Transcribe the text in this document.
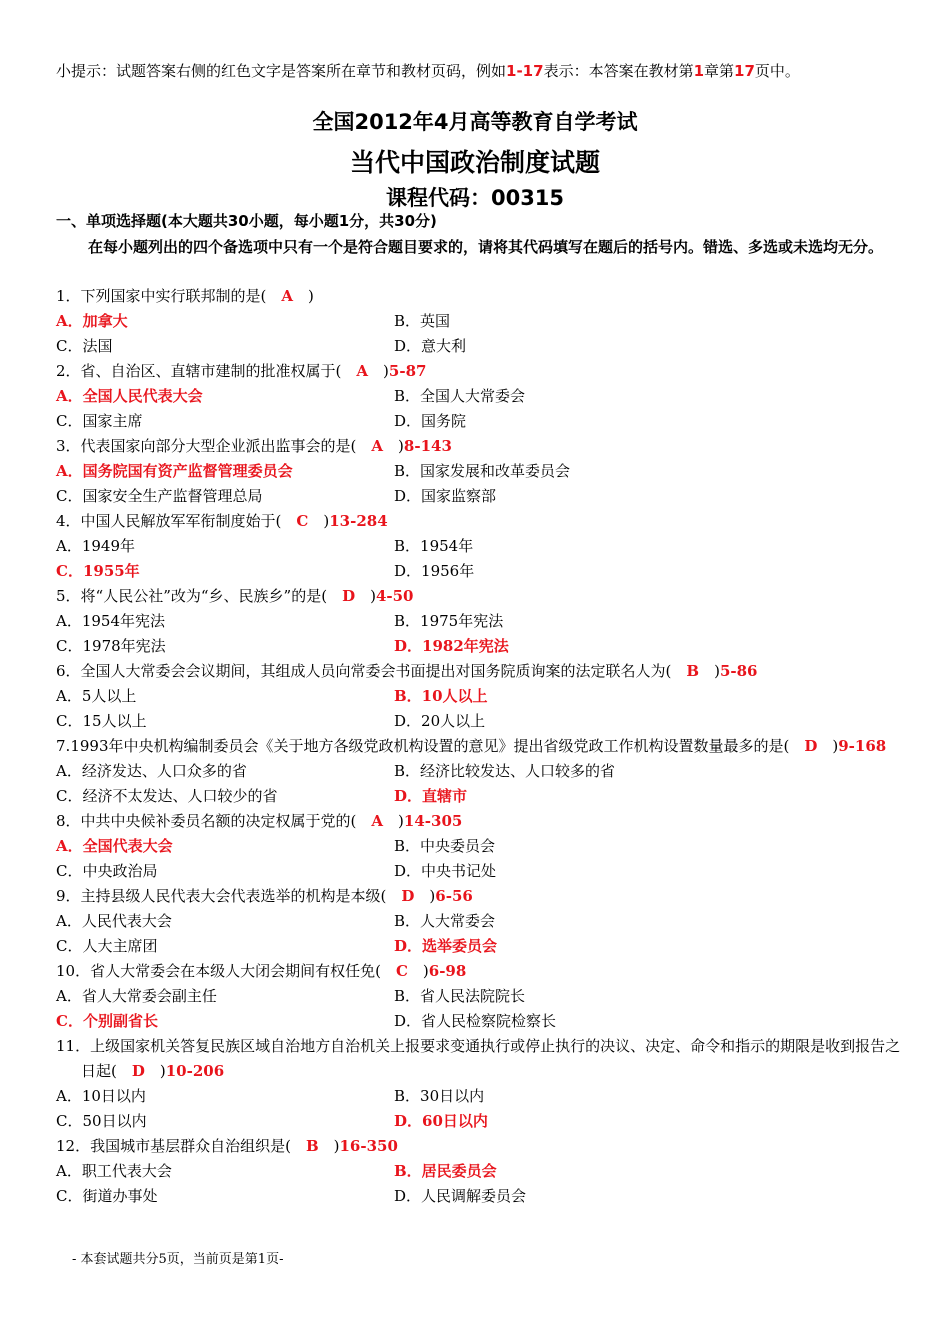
小提示：试题答案右侧的红色文字是答案所在章节和教材页码，例如1-17表示：本答案在教材第1章第17页中。
全国2012年4月高等教育自学考试
当代中国政治制度试题
课程代码：00315
一、单项选择题(本大题共30小题，每小题1分，共30分)
在每小题列出的四个备选项中只有一个是符合题目要求的，请将其代码填写在题后的括号内。错选、多选或未选均无分。
1．下列国家中实行联邦制的是( A )
A．加拿大	B．英国
C．法国	D．意大利
2．省、自治区、直辖市建制的批准权属于( A )5-87
A．全国人民代表大会	B．全国人大常委会
C．国家主席	D．国务院
3．代表国家向部分大型企业派出监事会的是( A )8-143
A．国务院国有资产监督管理委员会	B．国家发展和改革委员会
C．国家安全生产监督管理总局	D．国家监察部
4．中国人民解放军军衔制度始于( C )13-284
A．1949年	B．1954年
C．1955年	D．1956年
5．将“人民公社”改为“乡、民族乡”的是( D )4-50
A．1954年宪法	B．1975年宪法
C．1978年宪法	D．1982年宪法
6．全国人大常委会会议期间，其组成人员向常委会书面提出对国务院质询案的法定联名人为( B )5-86
A．5人以上	B．10人以上
C．15人以上	D．20人以上
7.1993年中央机构编制委员会《关于地方各级党政机构设置的意见》提出省级党政工作机构设置数量最多的是( D )9-168
A．经济发达、人口众多的省	B．经济比较发达、人口较多的省
C．经济不太发达、人口较少的省	D．直辖市
8．中共中央候补委员名额的决定权属于党的( A )14-305
A．全国代表大会	B．中央委员会
C．中央政治局	D．中央书记处
9．主持县级人民代表大会代表选举的机构是本级( D )6-56
A．人民代表大会	B．人大常委会
C．人大主席团	D．选举委员会
10．省人大常委会在本级人大闭会期间有权任免( C )6-98
A．省人大常委会副主任	B．省人民法院院长
C．个别副省长	D．省人民检察院检察长
11．上级国家机关答复民族区域自治地方自治机关上报要求变通执行或停止执行的决议、决定、命令和指示的期限是收到报告之日起( D )10-206
A．10日以内	B．30日以内
C．50日以内	D．60日以内
12．我国城市基层群众自治组织是( B )16-350
A．职工代表大会	B．居民委员会
C．街道办事处	D．人民调解委员会
- 本套试题共分5页，当前页是第1页-
